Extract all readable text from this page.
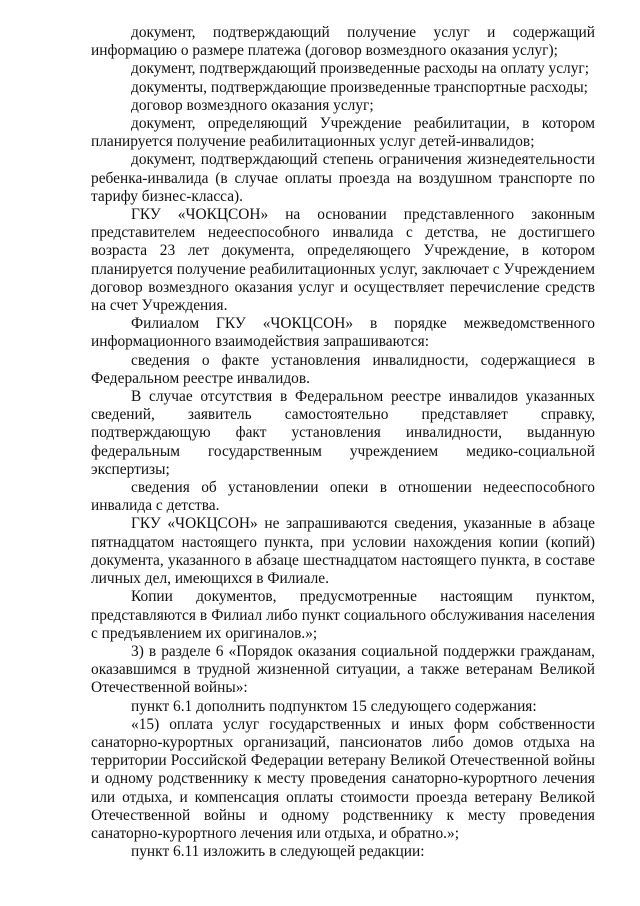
документ, подтверждающий получение услуг и содержащий информацию о размере платежа (договор возмездного оказания услуг);

документ, подтверждающий произведенные расходы на оплату услуг;

документы, подтверждающие произведенные транспортные расходы;

договор возмездного оказания услуг;

документ, определяющий Учреждение реабилитации, в котором планируется получение реабилитационных услуг детей-инвалидов;

документ, подтверждающий степень ограничения жизнедеятельности ребенка-инвалида (в случае оплаты проезда на воздушном транспорте по тарифу бизнес-класса).

ГКУ «ЧОКЦСОН» на основании представленного законным представителем недееспособного инвалида с детства, не достигшего возраста 23 лет документа, определяющего Учреждение, в котором планируется получение реабилитационных услуг, заключает с Учреждением договор возмездного оказания услуг и осуществляет перечисление средств на счет Учреждения.

Филиалом ГКУ «ЧОКЦСОН» в порядке межведомственного информационного взаимодействия запрашиваются:

сведения о факте установления инвалидности, содержащиеся в Федеральном реестре инвалидов.

В случае отсутствия в Федеральном реестре инвалидов указанных сведений, заявитель самостоятельно представляет справку, подтверждающую факт установления инвалидности, выданную федеральным государственным учреждением медико-социальной экспертизы;

сведения об установлении опеки в отношении недееспособного инвалида с детства.

ГКУ «ЧОКЦСОН» не запрашиваются сведения, указанные в абзаце пятнадцатом настоящего пункта, при условии нахождения копии (копий) документа, указанного в абзаце шестнадцатом настоящего пункта, в составе личных дел, имеющихся в Филиале.

Копии документов, предусмотренные настоящим пунктом, представляются в Филиал либо пункт социального обслуживания населения с предъявлением их оригиналов.»;

3) в разделе 6 «Порядок оказания социальной поддержки гражданам, оказавшимся в трудной жизненной ситуации, а также ветеранам Великой Отечественной войны»:

пункт 6.1 дополнить подпунктом 15 следующего содержания:

«15) оплата услуг государственных и иных форм собственности санаторно-курортных организаций, пансионатов либо домов отдыха на территории Российской Федерации ветерану Великой Отечественной войны и одному родственнику к месту проведения санаторно-курортного лечения или отдыха, и компенсация оплаты стоимости проезда ветерану Великой Отечественной войны и одному родственнику к месту проведения санаторно-курортного лечения или отдыха, и обратно.»;

пункт 6.11 изложить в следующей редакции:
